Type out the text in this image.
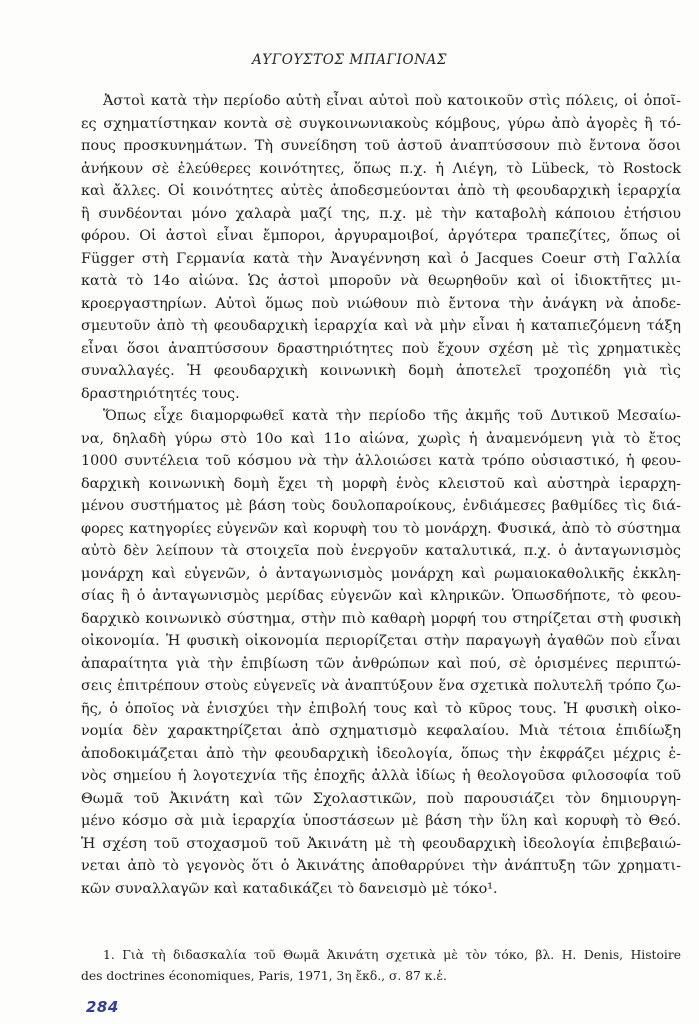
ΑΥΓΟΥΣΤΟΣ ΜΠΑΓΙΟΝΑΣ
Ἀστοὶ κατὰ τὴν περίοδο αὐτὴ εἶναι αὐτοὶ ποὺ κατοικοῦν στὶς πόλεις, οἱ ὁποῖ-
ες σχηματίστηκαν κοντὰ σὲ συγκοινωνιακοὺς κόμβους, γύρω ἀπὸ ἀγορὲς ἢ τό-
πους προσκυνημάτων. Τὴ συνείδηση τοῦ ἀστοῦ ἀναπτύσσουν πιὸ ἔντονα ὅσοι
ἀνήκουν σὲ ἐλεύθερες κοινότητες, ὅπως π.χ. ἡ Λιέγη, τὸ Lübeck, τὸ Rostock
καὶ ἄλλες. Οἱ κοινότητες αὐτὲς ἀποδεσμεύονται ἀπὸ τὴ φεουδαρχικὴ ἱεραρχία
ἢ συνδέονται μόνο χαλαρὰ μαζί της, π.χ. μὲ τὴν καταβολὴ κάποιου ἐτήσιου
φόρου. Οἱ ἀστοὶ εἶναι ἔμποροι, ἀργυραμοιβοί, ἀργότερα τραπεζίτες, ὅπως οἱ
Függer στὴ Γερμανία κατὰ τὴν Ἀναγέννηση καὶ ὁ Jacques Coeur στὴ Γαλλία
κατὰ τὸ 14ο αἰώνα. Ὡς ἀστοὶ μποροῦν νὰ θεωρηθοῦν καὶ οἱ ἰδιοκτῆτες μι-
κροεργαστηρίων. Αὐτοὶ ὅμως ποὺ νιώθουν πιὸ ἔντονα τὴν ἀνάγκη νὰ ἀποδε-
σμευτοῦν ἀπὸ τὴ φεουδαρχικὴ ἱεραρχία καὶ νὰ μὴν εἶναι ἡ καταπιεζόμενη τάξη
εἶναι ὅσοι ἀναπτύσσουν δραστηριότητες ποὺ ἔχουν σχέση μὲ τὶς χρηματικὲς
συναλλαγές. Ἡ φεουδαρχικὴ κοινωνικὴ δομὴ ἀποτελεῖ τροχοπέδη γιὰ τὶς
δραστηριότητές τους.
Ὅπως εἶχε διαμορφωθεῖ κατὰ τὴν περίοδο τῆς ἀκμῆς τοῦ Δυτικοῦ Μεσαίω-
να, δηλαδὴ γύρω στὸ 10ο καὶ 11ο αἰώνα, χωρὶς ἡ ἀναμενόμενη γιὰ τὸ ἔτος
1000 συντέλεια τοῦ κόσμου νὰ τὴν ἀλλοιώσει κατὰ τρόπο οὐσιαστικό, ἡ φεου-
δαρχικὴ κοινωνικὴ δομὴ ἔχει τὴ μορφὴ ἑνὸς κλειστοῦ καὶ αὐστηρὰ ἱεραρχη-
μένου συστήματος μὲ βάση τοὺς δουλοπαροίκους, ἐνδιάμεσες βαθμίδες τὶς διά-
φορες κατηγορίες εὐγενῶν καὶ κορυφὴ του τὸ μονάρχη. Φυσικά, ἀπὸ τὸ σύστημα
αὐτὸ δὲν λείπουν τὰ στοιχεῖα ποὺ ἐνεργοῦν καταλυτικά, π.χ. ὁ ἀνταγωνισμὸς
μονάρχη καὶ εὐγενῶν, ὁ ἀνταγωνισμὸς μονάρχη καὶ ρωμαιοκαθολικῆς ἐκκλη-
σίας ἢ ὁ ἀνταγωνισμὸς μερίδας εὐγενῶν καὶ κληρικῶν. Ὁπωσδήποτε, τὸ φεου-
δαρχικὸ κοινωνικὸ σύστημα, στὴν πιὸ καθαρὴ μορφή του στηρίζεται στὴ φυσικὴ
οἰκονομία. Ἡ φυσικὴ οἰκονομία περιορίζεται στὴν παραγωγὴ ἀγαθῶν ποὺ εἶναι
ἀπαραίτητα γιὰ τὴν ἐπιβίωση τῶν ἀνθρώπων καὶ πού, σὲ ὁρισμένες περιπτώ-
σεις ἐπιτρέπουν στοὺς εὐγενεῖς νὰ ἀναπτύξουν ἕνα σχετικὰ πολυτελῆ τρόπο ζω-
ῆς, ὁ ὁποῖος νὰ ἐνισχύει τὴν ἐπιβολή τους καὶ τὸ κῦρος τους. Ἡ φυσικὴ οἰκο-
νομία δὲν χαρακτηρίζεται ἀπὸ σχηματισμὸ κεφαλαίου. Μιὰ τέτοια ἐπιδίωξη
ἀποδοκιμάζεται ἀπὸ τὴν φεουδαρχικὴ ἰδεολογία, ὅπως τὴν ἐκφράζει μέχρις ἑ-
νὸς σημείου ἡ λογοτεχνία τῆς ἐποχῆς ἀλλὰ ἰδίως ἡ θεολογοῦσα φιλοσοφία τοῦ
Θωμᾶ τοῦ Ἀκινάτη καὶ τῶν Σχολαστικῶν, ποὺ παρουσιάζει τὸν δημιουργη-
μένο κόσμο σὰ μιὰ ἱεραρχία ὑποστάσεων μὲ βάση τὴν ὕλη καὶ κορυφὴ τὸ Θεό.
Ἡ σχέση τοῦ στοχασμοῦ τοῦ Ἀκινάτη μὲ τὴ φεουδαρχικὴ ἰδεολογία ἐπιβεβαιώ-
νεται ἀπὸ τὸ γεγονὸς ὅτι ὁ Ἀκινάτης ἀποθαρρύνει τὴν ἀνάπτυξη τῶν χρηματι-
κῶν συναλλαγῶν καὶ καταδικάζει τὸ δανεισμὸ μὲ τόκο¹.
1. Γιὰ τὴ διδασκαλία τοῦ Θωμᾶ Ἀκινάτη σχετικὰ μὲ τὸν τόκο, βλ. H. Denis, Histoire
des doctrines économiques, Paris, 1971, 3η ἔκδ., σ. 87 κ.ἑ.
284
